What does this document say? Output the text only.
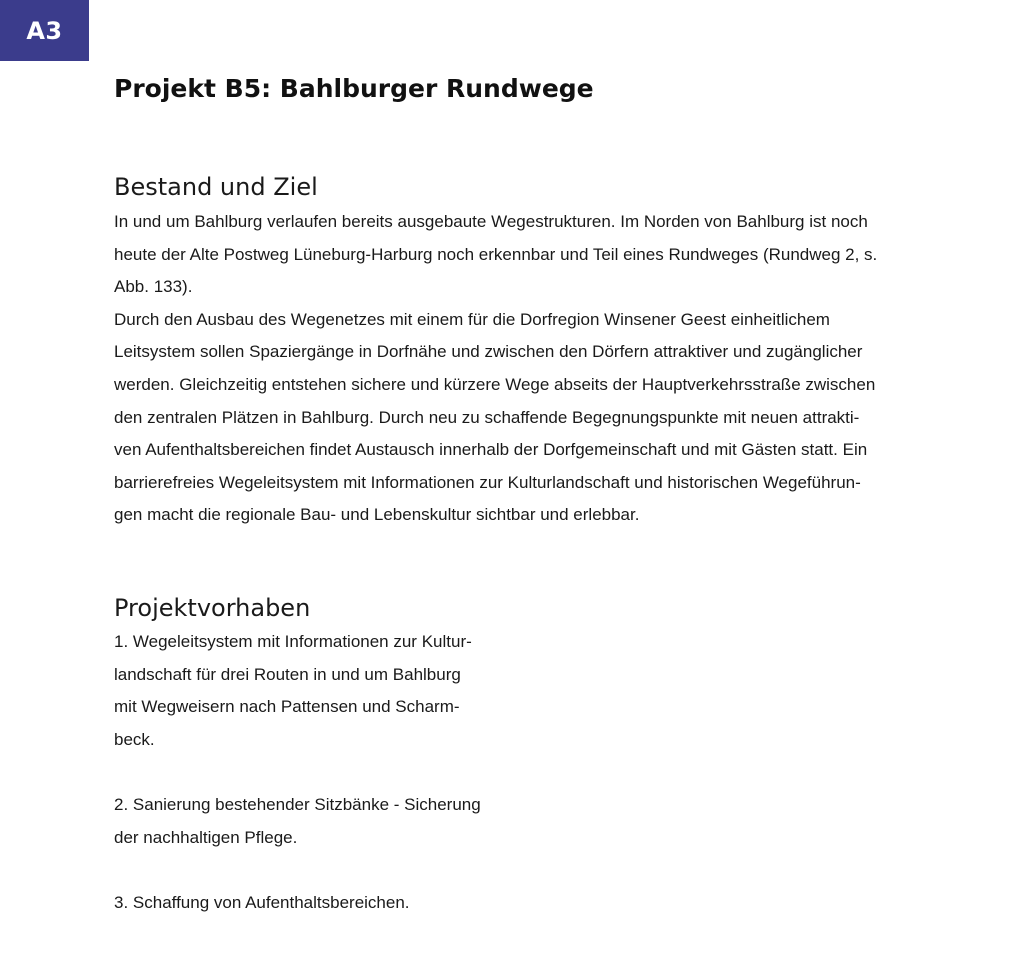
A3
Projekt B5: Bahlburger Rundwege
Bestand und Ziel
In und um Bahlburg verlaufen bereits ausgebaute Wegestrukturen. Im Norden von Bahlburg ist noch
heute der Alte Postweg Lüneburg-Harburg noch erkennbar und Teil eines Rundweges (Rundweg 2, s.
Abb. 133).
Durch den Ausbau des Wegenetzes mit einem für die Dorfregion Winsener Geest einheitlichem
Leitsystem sollen Spaziergänge in Dorfnähe und zwischen den Dörfern attraktiver und zugänglicher
werden. Gleichzeitig entstehen sichere und kürzere Wege abseits der Hauptverkehrsstraße zwischen
den zentralen Plätzen in Bahlburg. Durch neu zu schaffende Begegnungspunkte mit neuen attrakti-
ven Aufenthaltsbereichen findet Austausch innerhalb der Dorfgemeinschaft und mit Gästen statt. Ein
barrierefreies Wegeleitsystem mit Informationen zur Kulturlandschaft und historischen Wegeführun-
gen macht die regionale Bau- und Lebenskultur sichtbar und erlebbar.
Projektvorhaben
1. Wegeleitsystem mit Informationen zur Kultur-
landschaft für drei Routen in und um Bahlburg
mit Wegweisern nach Pattensen und Scharm-
beck.
2. Sanierung bestehender Sitzbänke - Sicherung
der nachhaltigen Pflege.
3. Schaffung von Aufenthaltsbereichen.
